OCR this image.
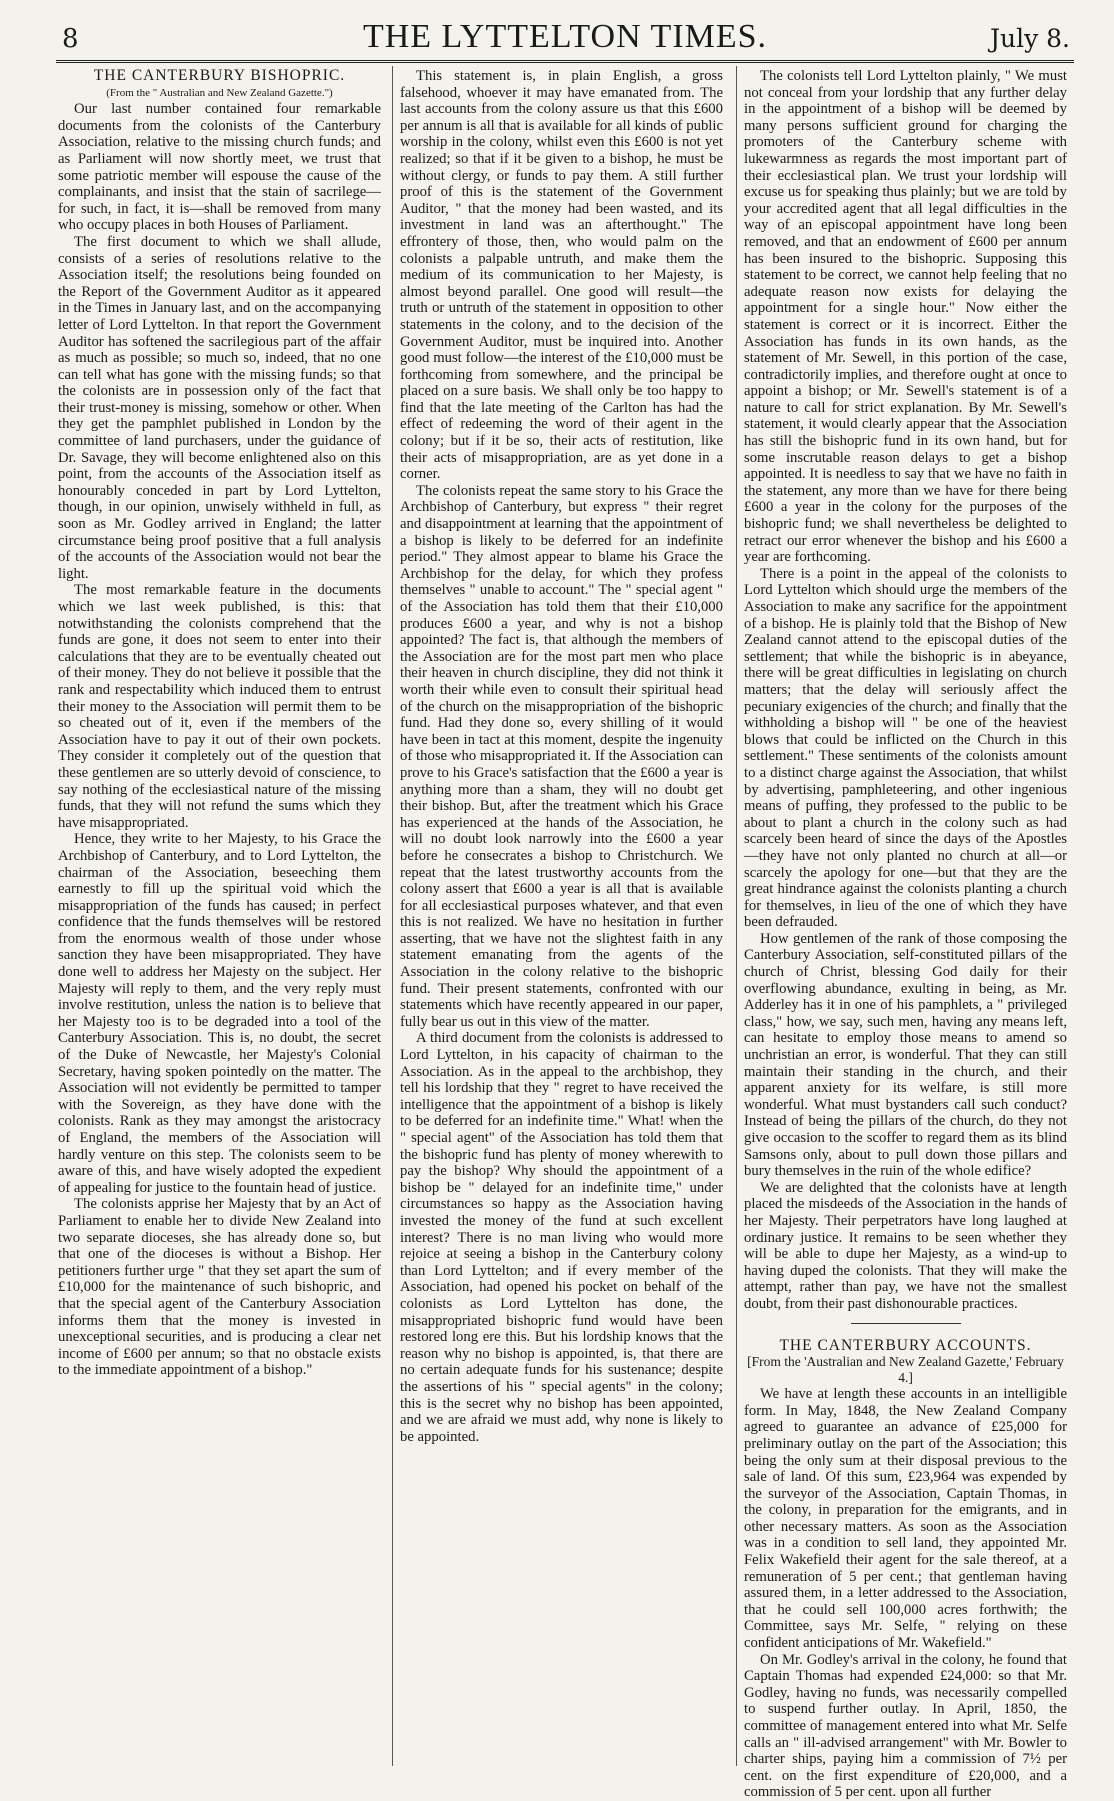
8	THE LYTTELTON TIMES.	July 8.

THE CANTERBURY BISHOPRIC.

(From the " Australian and New Zealand Gazette.")

Our last number contained four remarkable documents from the colonists of the Canterbury Association, relative to the missing church funds; and as Parliament will now shortly meet, we trust that some patriotic member will espouse the cause of the complainants, and insist that the stain of sacrilege—for such, in fact, it is—shall be removed from many who occupy places in both Houses of Parliament.

The first document to which we shall allude, consists of a series of resolutions relative to the Association itself; the resolutions being founded on the Report of the Government Auditor as it appeared in the Times in January last, and on the accompanying letter of Lord Lyttelton. In that report the Government Auditor has softened the sacrilegious part of the affair as much as possible; so much so, indeed, that no one can tell what has gone with the missing funds; so that the colonists are in possession only of the fact that their trust-money is missing, somehow or other. When they get the pamphlet published in London by the committee of land purchasers, under the guidance of Dr. Savage, they will become enlightened also on this point, from the accounts of the Association itself as honourably conceded in part by Lord Lyttelton, though, in our opinion, unwisely withheld in full, as soon as Mr. Godley arrived in England; the latter circumstance being proof positive that a full analysis of the accounts of the Association would not bear the light.

The most remarkable feature in the documents which we last week published, is this: that notwithstanding the colonists comprehend that the funds are gone, it does not seem to enter into their calculations that they are to be eventually cheated out of their money. They do not believe it possible that the rank and respectability which induced them to entrust their money to the Association will permit them to be so cheated out of it, even if the members of the Association have to pay it out of their own pockets. They consider it completely out of the question that these gentlemen are so utterly devoid of conscience, to say nothing of the ecclesiastical nature of the missing funds, that they will not refund the sums which they have misappropriated.

Hence, they write to her Majesty, to his Grace the Archbishop of Canterbury, and to Lord Lyttelton, the chairman of the Association, beseeching them earnestly to fill up the spiritual void which the misappropriation of the funds has caused; in perfect confidence that the funds themselves will be restored from the enormous wealth of those under whose sanction they have been misappropriated. They have done well to address her Majesty on the subject. Her Majesty will reply to them, and the very reply must involve restitution, unless the nation is to believe that her Majesty too is to be degraded into a tool of the Canterbury Association. This is, no doubt, the secret of the Duke of Newcastle, her Majesty's Colonial Secretary, having spoken pointedly on the matter. The Association will not evidently be permitted to tamper with the Sovereign, as they have done with the colonists. Rank as they may amongst the aristocracy of England, the members of the Association will hardly venture on this step. The colonists seem to be aware of this, and have wisely adopted the expedient of appealing for justice to the fountain head of justice.

The colonists apprise her Majesty that by an Act of Parliament to enable her to divide New Zealand into two separate dioceses, she has already done so, but that one of the dioceses is without a Bishop. Her petitioners further urge " that they set apart the sum of £10,000 for the maintenance of such bishopric, and that the special agent of the Canterbury Association informs them that the money is invested in unexceptional securities, and is producing a clear net income of £600 per annum; so that no obstacle exists to the immediate appointment of a bishop."

This statement is, in plain English, a gross falsehood, whoever it may have emanated from. The last accounts from the colony assure us that this £600 per annum is all that is available for all kinds of public worship in the colony, whilst even this £600 is not yet realized; so that if it be given to a bishop, he must be without clergy, or funds to pay them. A still further proof of this is the statement of the Government Auditor, " that the money had been wasted, and its investment in land was an afterthought." The effrontery of those, then, who would palm on the colonists a palpable untruth, and make them the medium of its communication to her Majesty, is almost beyond parallel. One good will result—the truth or untruth of the statement in opposition to other statements in the colony, and to the decision of the Government Auditor, must be inquired into. Another good must follow—the interest of the £10,000 must be forthcoming from somewhere, and the principal be placed on a sure basis. We shall only be too happy to find that the late meeting of the Carlton has had the effect of redeeming the word of their agent in the colony; but if it be so, their acts of restitution, like their acts of misappropriation, are as yet done in a corner.

The colonists repeat the same story to his Grace the Archbishop of Canterbury, but express " their regret and disappointment at learning that the appointment of a bishop is likely to be deferred for an indefinite period." They almost appear to blame his Grace the Archbishop for the delay, for which they profess themselves " unable to account." The " special agent " of the Association has told them that their £10,000 produces £600 a year, and why is not a bishop appointed? The fact is, that although the members of the Association are for the most part men who place their heaven in church discipline, they did not think it worth their while even to consult their spiritual head of the church on the misappropriation of the bishopric fund. Had they done so, every shilling of it would have been in tact at this moment, despite the ingenuity of those who misappropriated it. If the Association can prove to his Grace's satisfaction that the £600 a year is anything more than a sham, they will no doubt get their bishop. But, after the treatment which his Grace has experienced at the hands of the Association, he will no doubt look narrowly into the £600 a year before he consecrates a bishop to Christchurch. We repeat that the latest trustworthy accounts from the colony assert that £600 a year is all that is available for all ecclesiastical purposes whatever, and that even this is not realized. We have no hesitation in further asserting, that we have not the slightest faith in any statement emanating from the agents of the Association in the colony relative to the bishopric fund. Their present statements, confronted with our statements which have recently appeared in our paper, fully bear us out in this view of the matter.

A third document from the colonists is addressed to Lord Lyttelton, in his capacity of chairman to the Association. As in the appeal to the archbishop, they tell his lordship that they " regret to have received the intelligence that the appointment of a bishop is likely to be deferred for an indefinite time." What! when the " special agent" of the Association has told them that the bishopric fund has plenty of money wherewith to pay the bishop? Why should the appointment of a bishop be " delayed for an indefinite time," under circumstances so happy as the Association having invested the money of the fund at such excellent interest? There is no man living who would more rejoice at seeing a bishop in the Canterbury colony than Lord Lyttelton; and if every member of the Association, had opened his pocket on behalf of the colonists as Lord Lyttelton has done, the misappropriated bishopric fund would have been restored long ere this. But his lordship knows that the reason why no bishop is appointed, is, that there are no certain adequate funds for his sustenance; despite the assertions of his " special agents" in the colony; this is the secret why no bishop has been appointed, and we are afraid we must add, why none is likely to be appointed.

The colonists tell Lord Lyttelton plainly, " We must not conceal from your lordship that any further delay in the appointment of a bishop will be deemed by many persons sufficient ground for charging the promoters of the Canterbury scheme with lukewarmness as regards the most important part of their ecclesiastical plan. We trust your lordship will excuse us for speaking thus plainly; but we are told by your accredited agent that all legal difficulties in the way of an episcopal appointment have long been removed, and that an endowment of £600 per annum has been insured to the bishopric. Supposing this statement to be correct, we cannot help feeling that no adequate reason now exists for delaying the appointment for a single hour." Now either the statement is correct or it is incorrect. Either the Association has funds in its own hands, as the statement of Mr. Sewell, in this portion of the case, contradictorily implies, and therefore ought at once to appoint a bishop; or Mr. Sewell's statement is of a nature to call for strict explanation. By Mr. Sewell's statement, it would clearly appear that the Association has still the bishopric fund in its own hand, but for some inscrutable reason delays to get a bishop appointed. It is needless to say that we have no faith in the statement, any more than we have for there being £600 a year in the colony for the purposes of the bishopric fund; we shall nevertheless be delighted to retract our error whenever the bishop and his £600 a year are forthcoming.

There is a point in the appeal of the colonists to Lord Lyttelton which should urge the members of the Association to make any sacrifice for the appointment of a bishop. He is plainly told that the Bishop of New Zealand cannot attend to the episcopal duties of the settlement; that while the bishopric is in abeyance, there will be great difficulties in legislating on church matters; that the delay will seriously affect the pecuniary exigencies of the church; and finally that the withholding a bishop will " be one of the heaviest blows that could be inflicted on the Church in this settlement." These sentiments of the colonists amount to a distinct charge against the Association, that whilst by advertising, pamphleteering, and other ingenious means of puffing, they professed to the public to be about to plant a church in the colony such as had scarcely been heard of since the days of the Apostles—they have not only planted no church at all—or scarcely the apology for one—but that they are the great hindrance against the colonists planting a church for themselves, in lieu of the one of which they have been defrauded.

How gentlemen of the rank of those composing the Canterbury Association, self-constituted pillars of the church of Christ, blessing God daily for their overflowing abundance, exulting in being, as Mr. Adderley has it in one of his pamphlets, a " privileged class," how, we say, such men, having any means left, can hesitate to employ those means to amend so unchristian an error, is wonderful. That they can still maintain their standing in the church, and their apparent anxiety for its welfare, is still more wonderful. What must bystanders call such conduct? Instead of being the pillars of the church, do they not give occasion to the scoffer to regard them as its blind Samsons only, about to pull down those pillars and bury themselves in the ruin of the whole edifice?

We are delighted that the colonists have at length placed the misdeeds of the Association in the hands of her Majesty. Their perpetrators have long laughed at ordinary justice. It remains to be seen whether they will be able to dupe her Majesty, as a wind-up to having duped the colonists. That they will make the attempt, rather than pay, we have not the smallest doubt, from their past dishonourable practices.

THE CANTERBURY ACCOUNTS.

[From the 'Australian and New Zealand Gazette,' February 4.]

We have at length these accounts in an intelligible form. In May, 1848, the New Zealand Company agreed to guarantee an advance of £25,000 for preliminary outlay on the part of the Association; this being the only sum at their disposal previous to the sale of land. Of this sum, £23,964 was expended by the surveyor of the Association, Captain Thomas, in the colony, in preparation for the emigrants, and in other necessary matters. As soon as the Association was in a condition to sell land, they appointed Mr. Felix Wakefield their agent for the sale thereof, at a remuneration of 5 per cent.; that gentleman having assured them, in a letter addressed to the Association, that he could sell 100,000 acres forthwith; the Committee, says Mr. Selfe, " relying on these confident anticipations of Mr. Wakefield."

On Mr. Godley's arrival in the colony, he found that Captain Thomas had expended £24,000: so that Mr. Godley, having no funds, was necessarily compelled to suspend further outlay. In April, 1850, the committee of management entered into what Mr. Selfe calls an " ill-advised arrangement" with Mr. Bowler to charter ships, paying him a commission of 7½ per cent. on the first expenditure of £20,000, and a commission of 5 per cent. upon all further
